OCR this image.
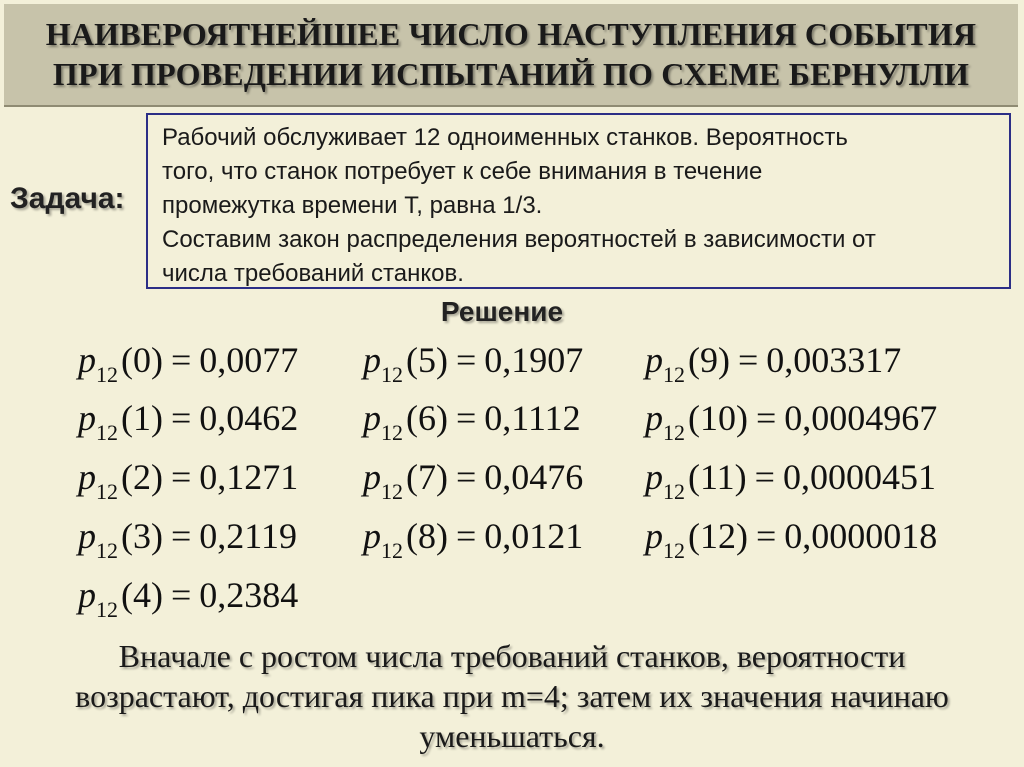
НАИВЕРОЯТНЕЙШЕЕ ЧИСЛО НАСТУПЛЕНИЯ СОБЫТИЯ
ПРИ ПРОВЕДЕНИИ ИСПЫТАНИЙ ПО СХЕМЕ БЕРНУЛЛИ
Задача:
Рабочий обслуживает 12 одноименных станков. Вероятность
того, что станок потребует к себе внимания в течение
промежутка времени Т, равна 1/3.
Составим закон распределения вероятностей в зависимости от
числа требований станков.
Решение
$p_{12}(0) = 0,0077$
$p_{12}(1) = 0,0462$
$p_{12}(2) = 0,1271$
$p_{12}(3) = 0,2119$
$p_{12}(4) = 0,2384$
$p_{12}(5) = 0,1907$
$p_{12}(6) = 0,1112$
$p_{12}(7) = 0,0476$
$p_{12}(8) = 0,0121$
$p_{12}(9) = 0,003317$
$p_{12}(10) = 0,0004967$
$p_{12}(11) = 0,0000451$
$p_{12}(12) = 0,0000018$
Вначале с ростом числа требований станков, вероятности
возрастают, достигая пика при m=4; затем их значения начинаю
уменьшаться.
